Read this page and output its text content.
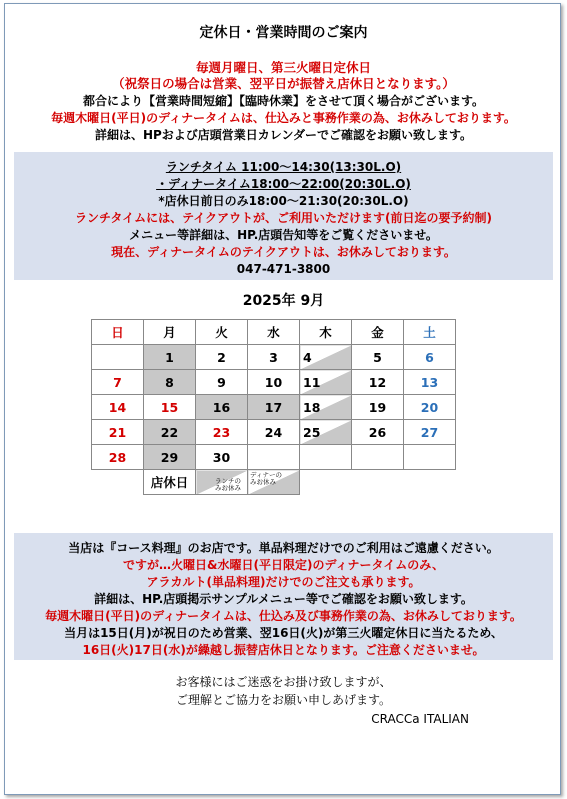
定休日・営業時間のご案内
毎週月曜日、第三火曜日定休日
（祝祭日の場合は営業、翌平日が振替え店休日となります。）
都合により【営業時間短縮】【臨時休業】をさせて頂く場合がございます。
毎週木曜日(平日)のディナータイムは、仕込みと事務作業の為、お休みしております。
詳細は、HPおよび店頭営業日カレンダーでご確認をお願い致します。
ランチタイム 11:00～14:30(13:30L.O)
・ディナータイム18:00～22:00(20:30L.O)
*店休日前日のみ18:00～21:30(20:30L.O)
ランチタイムには、テイクアウトが、ご利用いただけます(前日迄の要予約制)
メニュー等詳細は、HP.店頭告知等をご覧くださいませ。
現在、ディナータイムのテイクアウトは、お休みしております。
047-471-3800
2025年 9月
日	月	火	水	木	金	土
	1	2	3	4	5	6
7	8	9	10	11	12	13
14	15	16	17	18	19	20
21	22	23	24	25	26	27
28	29	30				
	店休日	ランチのみお休み	ディナーのみお休み			

当店は『コース料理』のお店です。単品料理だけでのご利用はご遠慮ください。
ですが…火曜日&水曜日(平日限定)のディナータイムのみ、
アラカルト(単品料理)だけでのご注文も承ります。
詳細は、HP.店頭掲示サンプルメニュー等でご確認をお願い致します。
毎週木曜日(平日)のディナータイムは、仕込み及び事務作業の為、お休みしております。
当月は15日(月)が祝日のため営業、翌16日(火)が第三火曜定休日に当たるため、
16日(火)17日(水)が繰越し振替店休日となります。ご注意くださいませ。
お客様にはご迷惑をお掛け致しますが、
ご理解とご協力をお願い申しあげます。
CRACCa ITALIAN
